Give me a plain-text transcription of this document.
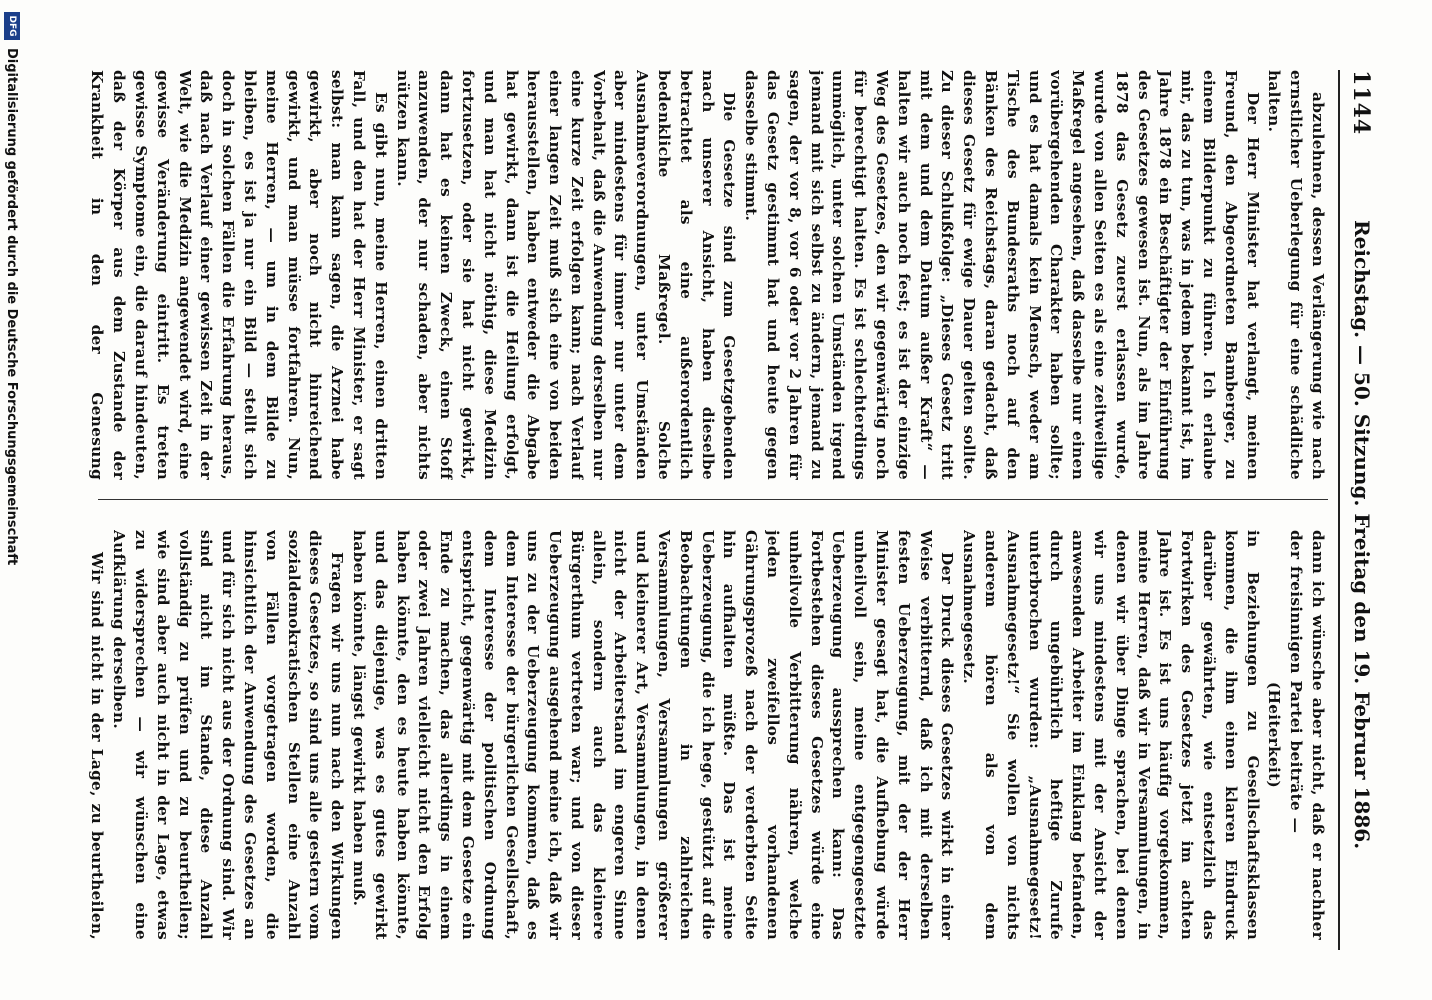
1144
Reichstag. — 50. Sitzung. Freitag den 19. Februar 1886.

abzulehnen, dessen Verlängerung wie nach ernstlicher Ueberlegung für eine schädliche halten.

Der Herr Minister hat verlangt, meinen Freund, den Abgeordneten Bamberger, zu einem Bilderpunkt zu führen. Ich erlaube mir, das zu tun, was in jedem bekannt ist, im Jahre 1878 ein Beschäftigter der Einführung des Gesetzes gewesen ist. Nun, als im Jahre 1878 das Gesetz zuerst erlassen wurde, wurde von allen Seiten es als eine zeitweilige Maßregel angesehen, daß dasselbe nur einen vorübergehenden Charakter haben sollte; und es hat damals kein Mensch, weder am Tische des Bundesraths noch auf den Bänken des Reichstags, daran gedacht, daß dieses Gesetz für ewige Dauer gelten sollte. Zu dieser Schlußfolge: „Dieses Gesetz tritt mit dem und dem Datum außer Kraft“ — halten wir auch noch fest; es ist der einzige Weg des Gesetzes, den wir gegenwärtig noch für berechtigt halten. Es ist schlechterdings unmöglich, unter solchen Umständen irgend jemand mit sich selbst zu ändern, jemand zu sagen, der vor 8, vor 6 oder vor 2 Jahren für das Gesetz gestimmt hat und heute gegen dasselbe stimmt.

Die Gesetze sind zum Gesetzgebenden nach unserer Ansicht, haben dieselbe betrachtet als eine außerordentlich bedenkliche Maßregel. Solche Ausnahmeverordnungen, unter Umständen aber mindestens für immer nur unter dem Vorbehalt, daß die Anwendung derselben nur eine kurze Zeit erfolgen kann; nach Verlauf einer langen Zeit muß sich eine von beiden herausstellen, haben entweder die Abgabe hat gewirkt, dann ist die Heilung erfolgt, und man hat nicht nöthig, diese Medizin fortzusetzen, oder sie hat nicht gewirkt, dann hat es keinen Zweck, einen Stoff anzuwenden, der nur schaden, aber nichts nützen kann.

Es gibt nun, meine Herren, einen dritten Fall, und den hat der Herr Minister, er sagt selbst: man kann sagen, die Arznei habe gewirkt, aber noch nicht hinreichend gewirkt, und man müsse fortfahren. Nun, meine Herren, — um in dem Bilde zu bleiben, es ist ja nur ein Bild — stellt sich doch in solchen Fällen die Erfahrung heraus, daß nach Verlauf einer gewissen Zeit in der Welt, wie die Medizin angewendet wird, eine gewisse Veränderung eintritt. Es treten gewisse Symptome ein, die darauf hindeuten, daß der Körper aus dem Zustande der Krankheit in den der Genesung

dann ich wünsche aber nicht, daß er nachher der freisinnigen Partei beiträte —

(Heiterkeit)

in Beziehungen zu Gesellschaftsklassen kommen, die ihm einen klaren Eindruck darüber gewährten, wie entsetzlich das Fortwirken des Gesetzes jetzt im achten Jahre ist. Es ist uns häufig vorgekommen, meine Herren, daß wir in Versammlungen, in denen wir über Dinge sprachen, bei denen wir uns mindestens mit der Ansicht der anwesenden Arbeiter im Einklang befanden, durch ungebührlich heftige Zurufe unterbrochen wurden: „Ausnahmegesetz! Ausnahmegesetz!“ Sie wollen von nichts anderem hören als von dem Ausnahmegesetz.

Der Druck dieses Gesetzes wirkt in einer Weise verbitternd, daß ich mit derselben festen Ueberzeugung, mit der der Herr Minister gesagt hat, die Aufhebung würde unheilvoll sein, meine entgegengesetzte Ueberzeugung aussprechen kann: Das Fortbestehen dieses Gesetzes würde eine unheilvolle Verbitterung nähren, welche jeden zweifellos vorhandenen Gährungsprozeß nach der verderbten Seite hin aufhalten müßte. Das ist meine Ueberzeugung, die ich hege, gestützt auf die Beobachtungen in zahlreichen Versammlungen, Versammlungen größerer und kleinerer Art, Versammlungen, in denen nicht der Arbeiterstand im engeren Sinne allein, sondern auch das kleinere Bürgerthum vertreten war; und von dieser Ueberzeugung ausgehend meine ich, daß wir uns zu der Ueberzeugung kommen, daß es dem Interesse der bürgerlichen Gesellschaft, dem Interesse der politischen Ordnung entspricht, gegenwärtig mit dem Gesetze ein Ende zu machen, das allerdings in einem oder zwei Jahren vielleicht nicht den Erfolg haben könnte, den es heute haben könnte, und das diejenige, was es gutes gewirkt haben könnte, längst gewirkt haben muß.

Fragen wir uns nun nach den Wirkungen dieses Gesetzes, so sind uns alle gestern vom sozialdemokratischen Stellen eine Anzahl von Fällen vorgetragen worden, die hinsichtlich der Anwendung des Gesetzes an und für sich nicht aus der Ordnung sind. Wir sind nicht im Stande, diese Anzahl vollständig zu prüfen und zu beurtheilen; wie sind aber auch nicht in der Lage, etwas zu widersprechen — wir wünschen eine Aufklärung derselben.

Wir sind nicht in der Lage, zu beurtheilen,

DFG
Digitalisierung gefördert durch die Deutsche Forschungsgemeinschaft
